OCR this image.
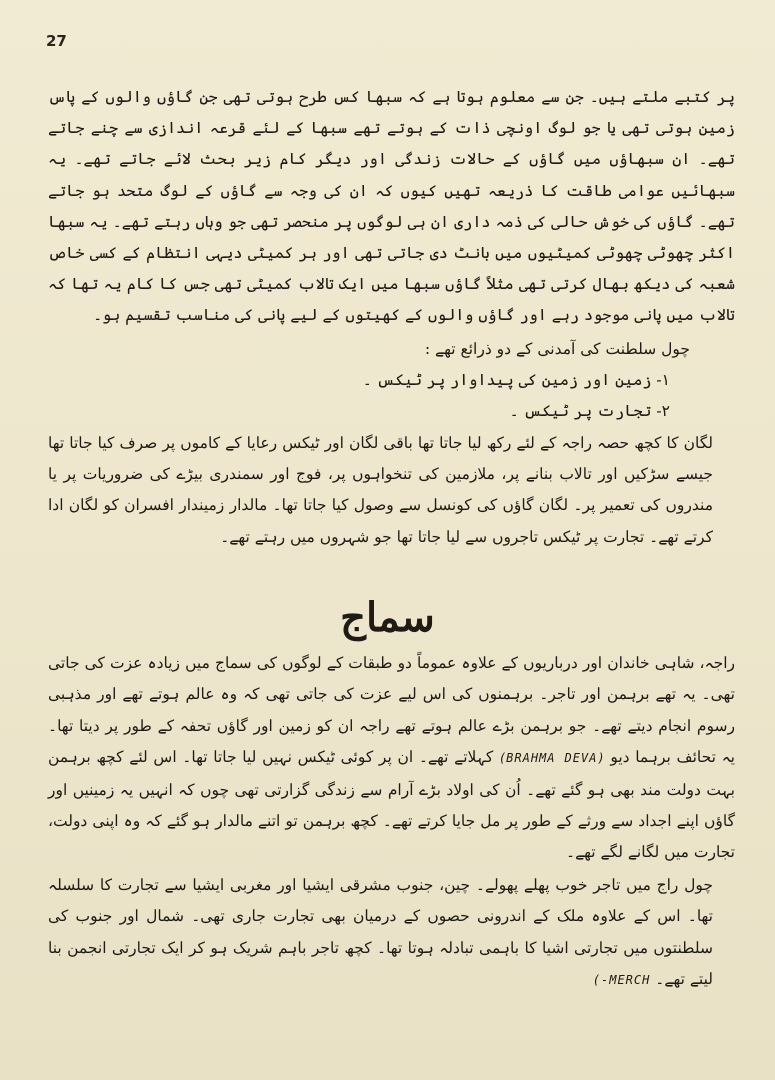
27

پر کتبے ملتے ہیں۔ جن سے معلوم ہوتا ہے کہ سبھا کس طرح ہوتی تھی جن گاؤں والوں کے پاس زمین ہوتی تھی یا جو لوگ اونچی ذات کے ہوتے تھے سبھا کے لئے قرعہ اندازی سے چنے جاتے تھے۔ ان سبھاؤں میں گاؤں کے حالات زندگی اور دیگر کام زیر بحث لائے جاتے تھے۔ یہ سبھائیں عوامی طاقت کا ذریعہ تھیں کیوں کہ ان کی وجہ سے گاؤں کے لوگ متحد ہو جاتے تھے۔ گاؤں کی خوش حالی کی ذمہ داری ان ہی لوگوں پر منحصر تھی جو وہاں رہتے تھے۔ یہ سبھا اکثر چھوٹی چھوٹی کمیٹیوں میں بانٹ دی جاتی تھی اور ہر کمیٹی دیہی انتظام کے کسی خاص شعبہ کی دیکھ بھال کرتی تھی مثلاً گاؤں سبھا میں ایک تالاب کمیٹی تھی جس کا کام یہ تھا کہ تالاب میں پانی موجود رہے اور گاؤں والوں کے کھیتوں کے لیے پانی کی مناسب تقسیم ہو۔

چول سلطنت کی آمدنی کے دو ذرائع تھے :
۱- زمین اور زمین کی پیداوار پر ٹیکس ۔
۲- تجارت پر ٹیکس ۔

لگان کا کچھ حصہ راجہ کے لئے رکھ لیا جاتا تھا باقی لگان اور ٹیکس رعایا کے کاموں پر صرف کیا جاتا تھا جیسے سڑکیں اور تالاب بنانے پر، ملازمین کی تنخواہوں پر، فوج اور سمندری بیڑے کی ضروریات پر یا مندروں کی تعمیر پر۔ لگان گاؤں کی کونسل سے وصول کیا جاتا تھا۔ مالدار زمیندار افسران کو لگان ادا کرتے تھے۔ تجارت پر ٹیکس تاجروں سے لیا جاتا تھا جو شہروں میں رہتے تھے۔

سماج

راجہ، شاہی خاندان اور درباریوں کے علاوہ عموماً دو طبقات کے لوگوں کی سماج میں زیادہ عزت کی جاتی تھی۔ یہ تھے برہمن اور تاجر۔ برہمنوں کی اس لیے عزت کی جاتی تھی کہ وہ عالم ہوتے تھے اور مذہبی رسوم انجام دیتے تھے۔ جو برہمن بڑے عالم ہوتے تھے راجہ ان کو زمین اور گاؤں تحفہ کے طور پر دیتا تھا۔ یہ تحائف برہما دیو (BRAHMA DEVA) کہلاتے تھے۔ ان پر کوئی ٹیکس نہیں لیا جاتا تھا۔ اس لئے کچھ برہمن بہت دولت مند بھی ہو گئے تھے۔ اُن کی اولاد بڑے آرام سے زندگی گزارتی تھی چوں کہ انہیں یہ زمینیں اور گاؤں اپنے اجداد سے ورثے کے طور پر مل جایا کرتے تھے۔ کچھ برہمن تو اتنے مالدار ہو گئے کہ وہ اپنی دولت، تجارت میں لگانے لگے تھے۔

چول راج میں تاجر خوب پھلے پھولے۔ چین، جنوب مشرقی ایشیا اور مغربی ایشیا سے تجارت کا سلسلہ تھا۔ اس کے علاوہ ملک کے اندرونی حصوں کے درمیان بھی تجارت جاری تھی۔ شمال اور جنوب کی سلطنتوں میں تجارتی اشیا کا باہمی تبادلہ ہوتا تھا۔ کچھ تاجر باہم شریک ہو کر ایک تجارتی انجمن بنا لیتے تھے۔ MERCH-)
